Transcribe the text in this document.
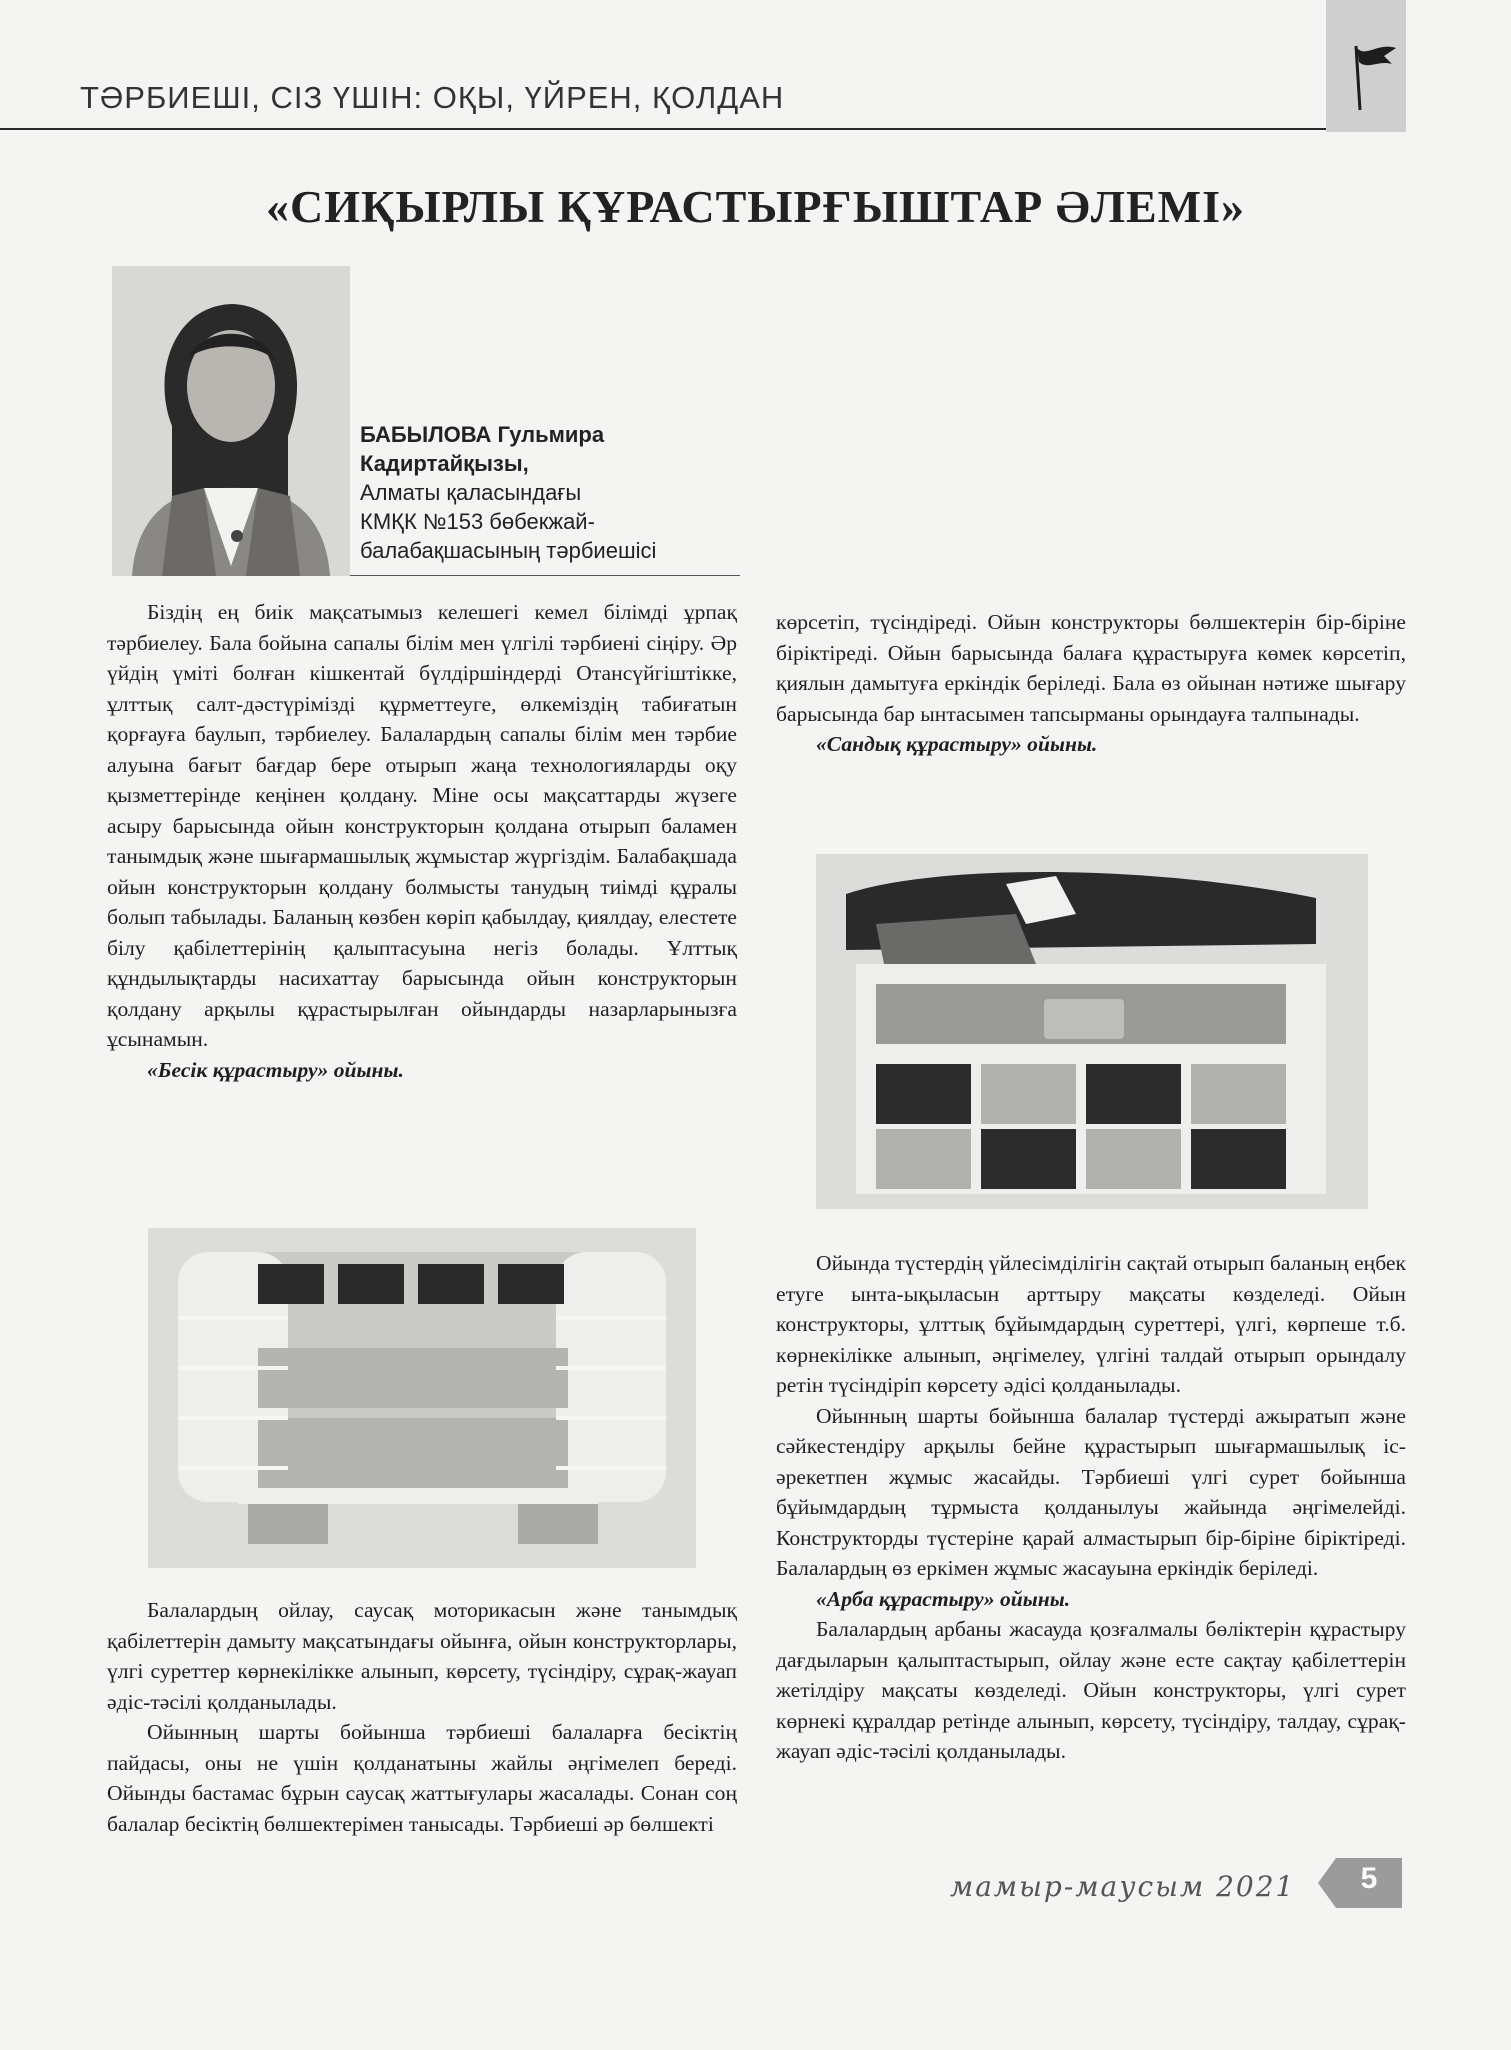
ТӘРБИЕШІ, СІЗ ҮШІН: ОҚЫ, ҮЙРЕН, ҚОЛДАН
«СИҚЫРЛЫ ҚҰРАСТЫРҒЫШТАР ӘЛЕМІ»
БАБЫЛОВА Гульмира
Кадиртайқызы,
Алматы қаласындағы
КМҚК №153 бөбекжай-
балабақшасының тәрбиешісі

Біздің ең биік мақсатымыз келешегі кемел білімді ұрпақ тәрбиелеу. Бала бойына сапалы білім мен үлгілі тәрбиені сіңіру. Әр үйдің үміті болған кішкентай бүлдіршіндерді Отансүйгіштікке, ұлттық салт-дәстүрімізді құрметтеуге, өлкеміздің табиғатын қорғауға баулып, тәрбиелеу. Балалардың сапалы білім мен тәрбие алуына бағыт бағдар бере отырып жаңа технологияларды оқу қызметтерінде кеңінен қолдану. Міне осы мақсаттарды жүзеге асыру барысында ойын конструкторын қолдана отырып баламен танымдық және шығармашылық жұмыстар жүргіздім. Балабақшада ойын конструкторын қолдану болмысты танудың тиімді құралы болып табылады. Баланың көзбен көріп қабылдау, қиялдау, елестете білу қабілеттерінің қалыптасуына негіз болады. Ұлттық құндылықтарды насихаттау барысында ойын конструкторын қолдану арқылы құрастырылған ойындарды назарларынызға ұсынамын.

«Бесік құрастыру» ойыны.

Балалардың ойлау, саусақ моторикасын және танымдық қабілеттерін дамыту мақсатындағы ойынға, ойын конструкторлары, үлгі суреттер көрнекілікке алынып, көрсету, түсіндіру, сұрақ-жауап әдіс-тәсілі қолданылады.

Ойынның шарты бойынша тәрбиеші балаларға бесіктің пайдасы, оны не үшін қолданатыны жайлы әңгімелеп береді. Ойынды бастамас бұрын саусақ жаттығулары жасалады. Сонан соң балалар бесіктің бөлшектерімен танысады. Тәрбиеші әр бөлшекті

көрсетіп, түсіндіреді. Ойын конструкторы бөлшектерін бір-біріне біріктіреді. Ойын барысында балаға құрастыруға көмек көрсетіп, қиялын дамытуға еркіндік беріледі. Бала өз ойынан нәтиже шығару барысында бар ынтасымен тапсырманы орындауға талпынады.

«Сандық құрастыру» ойыны.

Ойында түстердің үйлесімділігін сақтай отырып баланың еңбек етуге ынта-ықыласын арттыру мақсаты көзделеді. Ойын конструкторы, ұлттық бұйымдардың суреттері, үлгі, көрпеше т.б. көрнекілікке алынып, әңгімелеу, үлгіні талдай отырып орындалу ретін түсіндіріп көрсету әдісі қолданылады.

Ойынның шарты бойынша балалар түстерді ажыратып және сәйкестендіру арқылы бейне құрастырып шығармашылық іс-әрекетпен жұмыс жасайды. Тәрбиеші үлгі сурет бойынша бұйымдардың тұрмыста қолданылуы жайында әңгімелейді. Конструкторды түстеріне қарай алмастырып бір-біріне біріктіреді. Балалардың өз еркімен жұмыс жасауына еркіндік беріледі.

«Арба құрастыру» ойыны.

Балалардың арбаны жасауда қозғалмалы бөліктерін құрастыру дағдыларын қалыптастырып, ойлау және есте сақтау қабілеттерін жетілдіру мақсаты көзделеді. Ойын конструкторы, үлгі сурет көрнекі құралдар ретінде алынып, көрсету, түсіндіру, талдау, сұрақ-жауап әдіс-тәсілі қолданылады.

мамыр-маусым 2021	5
